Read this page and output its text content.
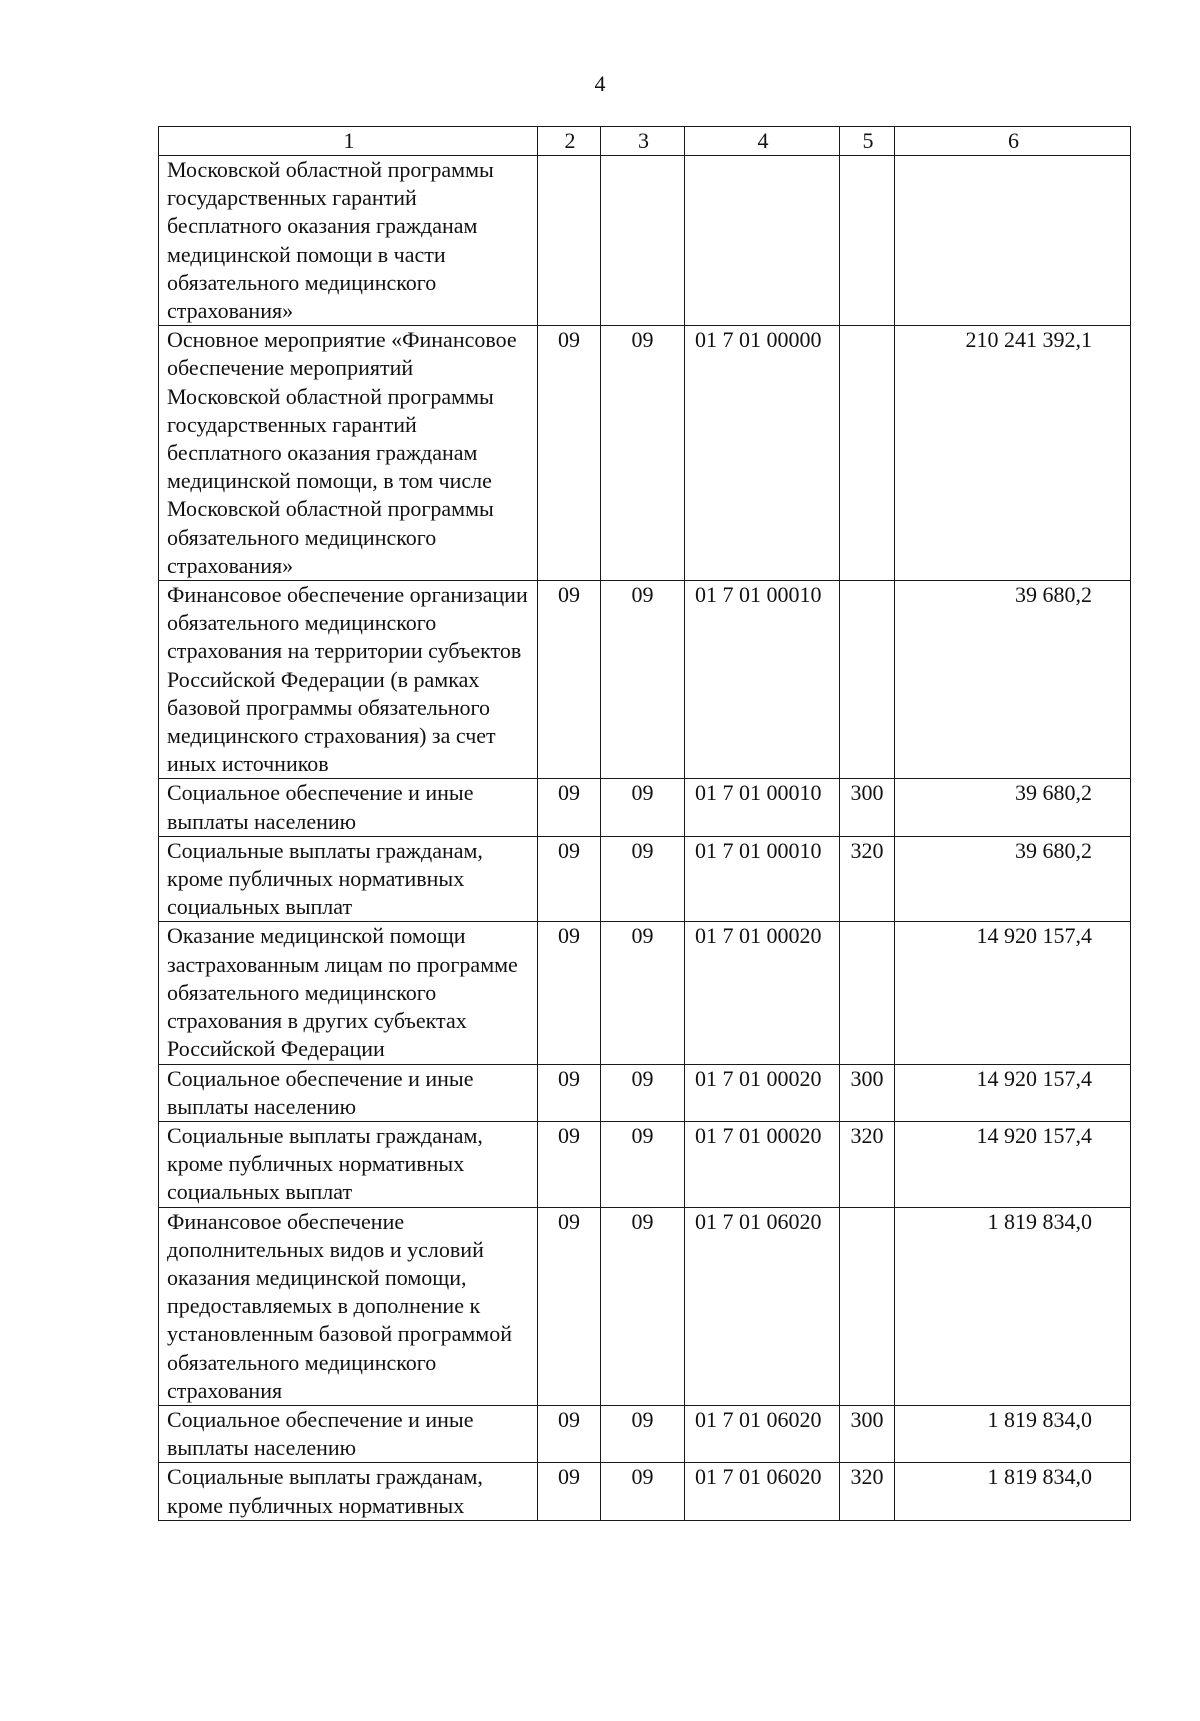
4
1	2	3	4	5	6
Московской областной программы государственных гарантий бесплатного оказания гражданам медицинской помощи в части обязательного медицинского страхования»					
Основное мероприятие «Финансовое обеспечение мероприятий Московской областной программы государственных гарантий бесплатного оказания гражданам медицинской помощи, в том числе Московской областной программы обязательного медицинского страхования»	09	09	01 7 01 00000		210 241 392,1
Финансовое обеспечение организации обязательного медицинского страхования на территории субъектов Российской Федерации (в рамках базовой программы обязательного медицинского страхования) за счет иных источников	09	09	01 7 01 00010		39 680,2
Социальное обеспечение и иные выплаты населению	09	09	01 7 01 00010	300	39 680,2
Социальные выплаты гражданам, кроме публичных нормативных социальных выплат	09	09	01 7 01 00010	320	39 680,2
Оказание медицинской помощи застрахованным лицам по программе обязательного медицинского страхования в других субъектах Российской Федерации	09	09	01 7 01 00020		14 920 157,4
Социальное обеспечение и иные выплаты населению	09	09	01 7 01 00020	300	14 920 157,4
Социальные выплаты гражданам, кроме публичных нормативных социальных выплат	09	09	01 7 01 00020	320	14 920 157,4
Финансовое обеспечение дополнительных видов и условий оказания медицинской помощи, предоставляемых в дополнение к установленным базовой программой обязательного медицинского страхования	09	09	01 7 01 06020		1 819 834,0
Социальное обеспечение и иные выплаты населению	09	09	01 7 01 06020	300	1 819 834,0
Социальные выплаты гражданам, кроме публичных нормативных	09	09	01 7 01 06020	320	1 819 834,0
